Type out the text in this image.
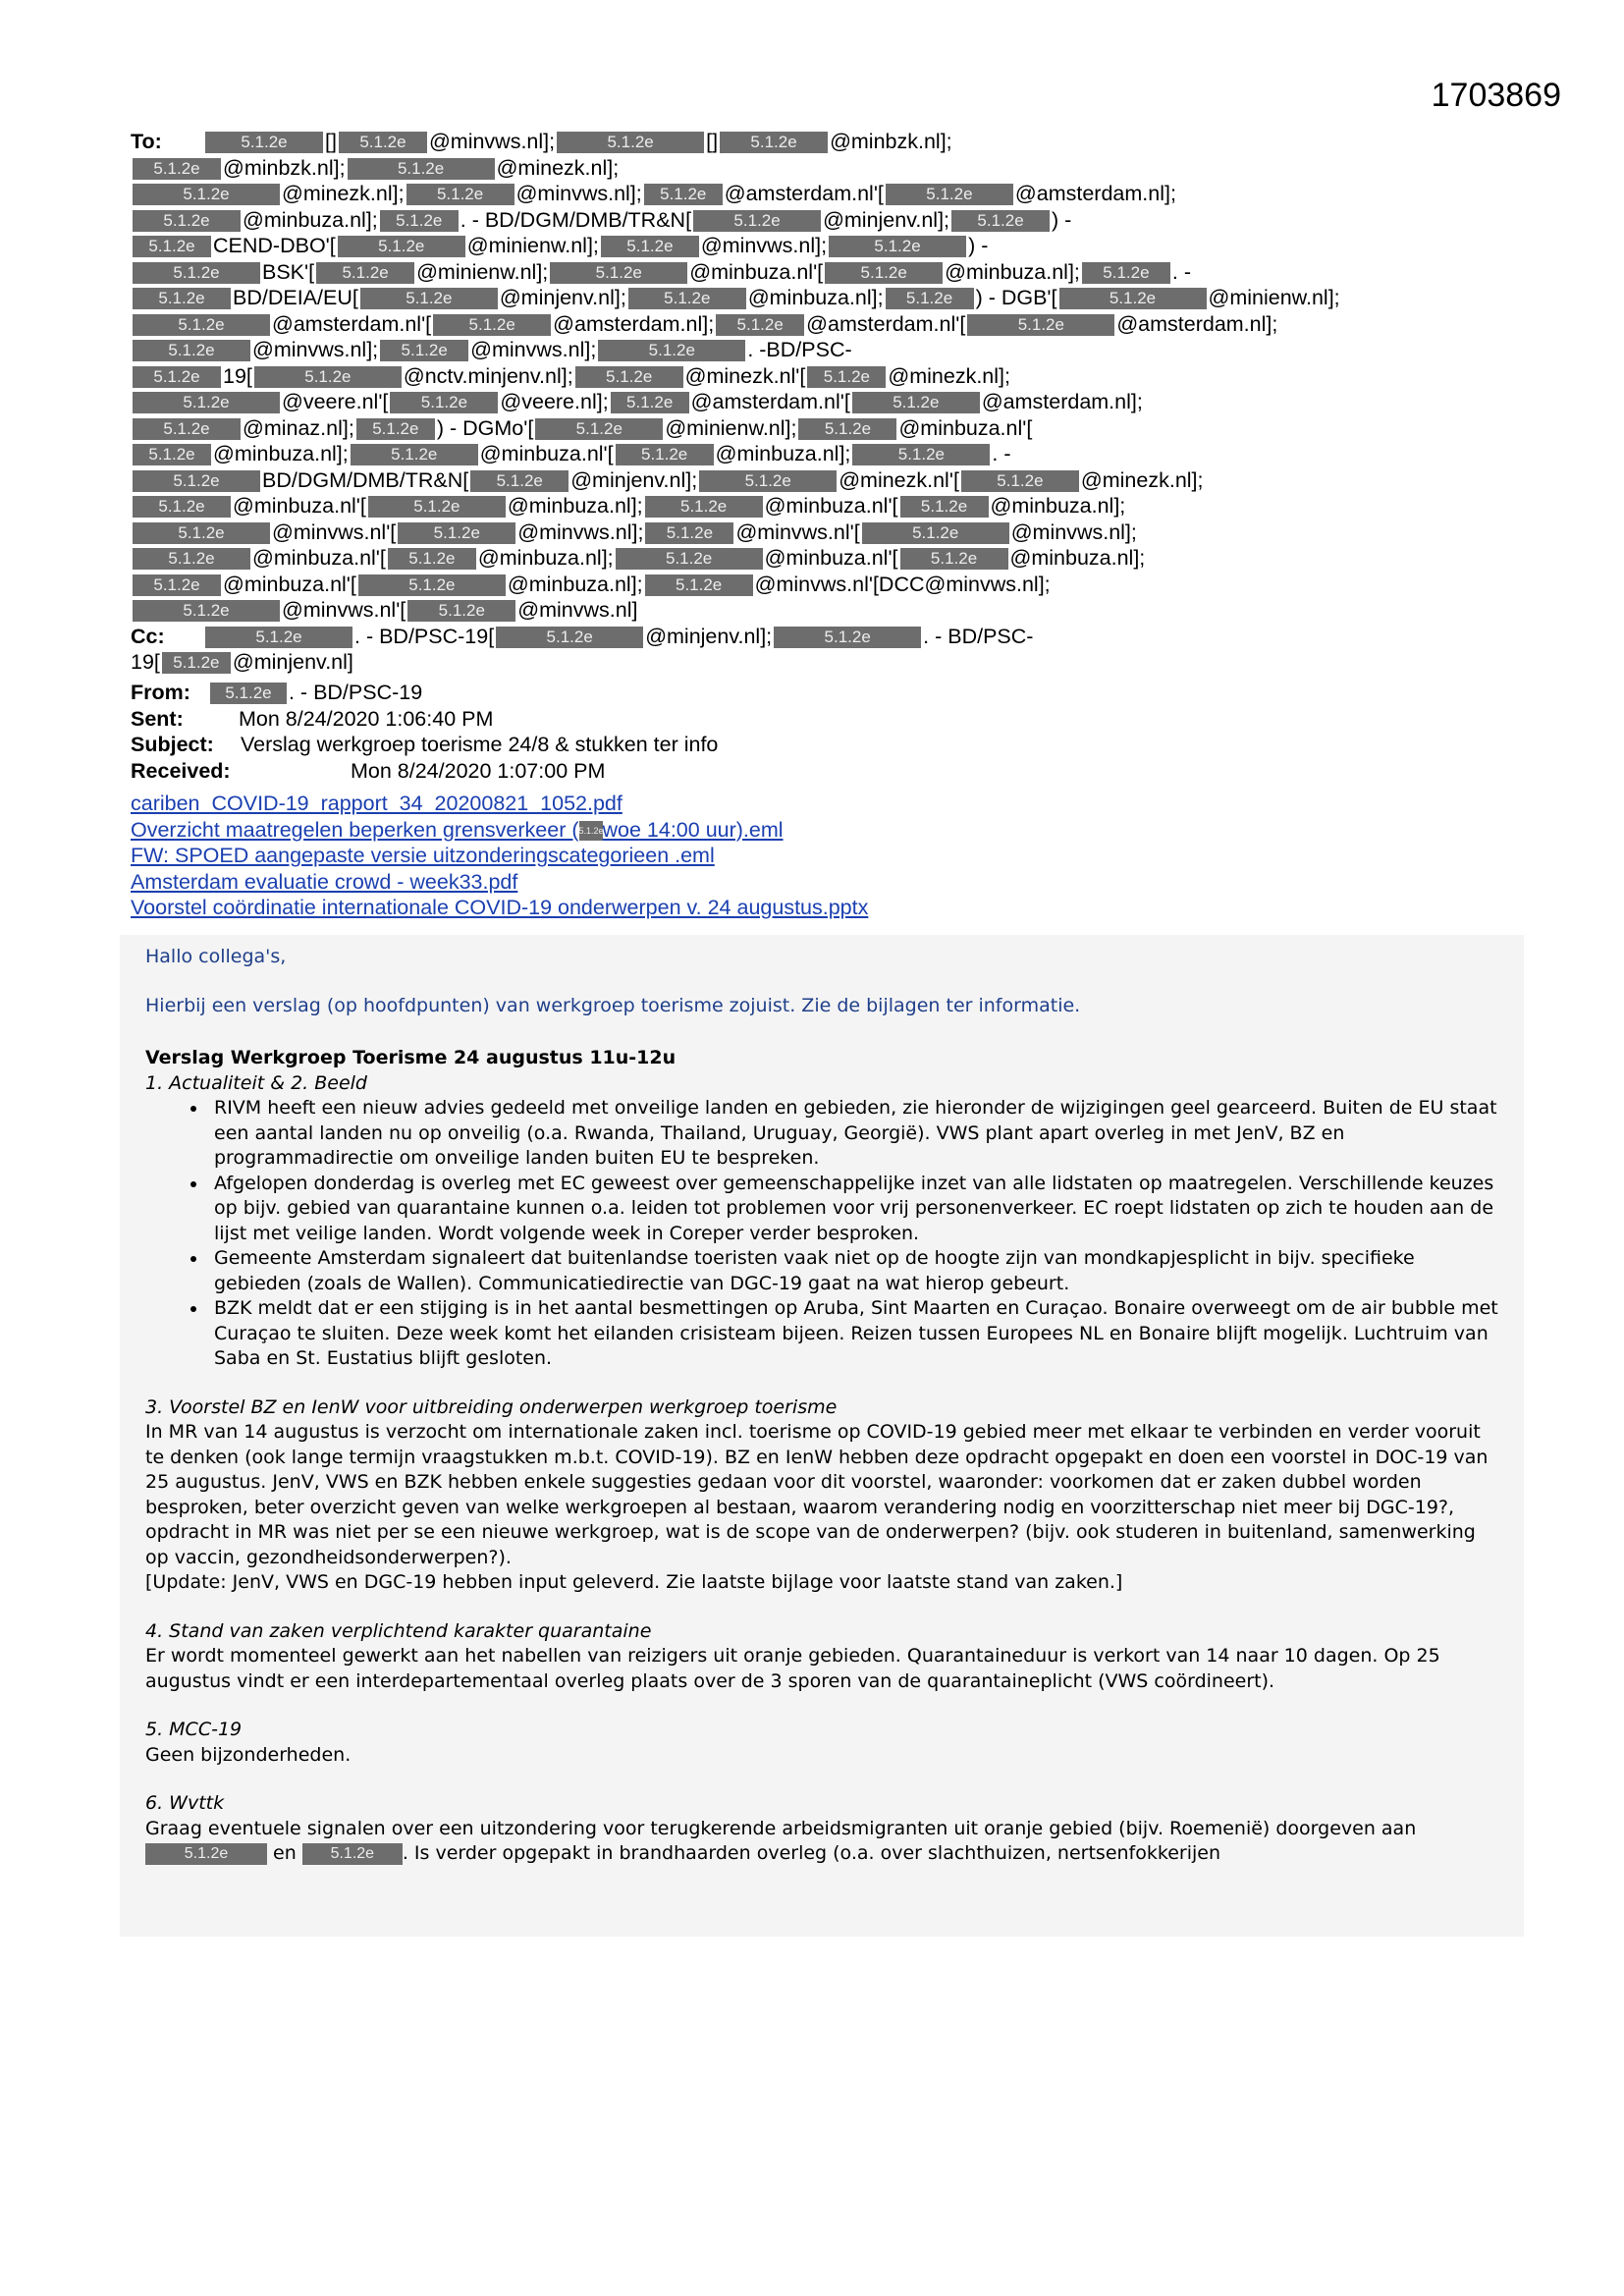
1703869
To:	5.1.2e [] 5.1.2e @minvws.nl];	5.1.2e [] 5.1.2e @minbzk.nl];
5.1.2e @minbzk.nl];	5.1.2e @minezk.nl];
5.1.2e @minezk.nl]; 5.1.2e @minvws.nl]; 5.1.2e @amsterdam.nl'[	5.1.2e @amsterdam.nl];
5.1.2e @minbuza.nl]; 5.1.2e . - BD/DGM/DMB/TR&N[	5.1.2e @minjenv.nl]; 5.1.2e ) -
5.1.2e CEND-DBO'[	5.1.2e @minienw.nl]; 5.1.2e @minvws.nl];	5.1.2e ) -
5.1.2e BSK'[ 5.1.2e @minienw.nl];	5.1.2e @minbuza.nl'[ 5.1.2e @minbuza.nl]; 5.1.2e . -
5.1.2e BD/DEIA/EU[	5.1.2e @minjenv.nl]; 5.1.2e @minbuza.nl]; 5.1.2e ) - DGB'[	5.1.2e @minienw.nl];
5.1.2e @amsterdam.nl'[ 5.1.2e @amsterdam.nl]; 5.1.2e @amsterdam.nl'[	5.1.2e @amsterdam.nl];
5.1.2e @minvws.nl]; 5.1.2e @minvws.nl];	5.1.2e . -BD/PSC-
5.1.2e 19[	5.1.2e @nctv.minjenv.nl]; 5.1.2e @minezk.nl'[ 5.1.2e @minezk.nl];
5.1.2e @veere.nl'[ 5.1.2e @veere.nl]; 5.1.2e @amsterdam.nl'[	5.1.2e @amsterdam.nl];
5.1.2e @minaz.nl]; 5.1.2e ) - DGMo'[	5.1.2e @minienw.nl]; 5.1.2e @minbuza.nl'[
5.1.2e @minbuza.nl];	5.1.2e @minbuza.nl'[ 5.1.2e @minbuza.nl];	5.1.2e . -
5.1.2e BD/DGM/DMB/TR&N[ 5.1.2e @minjenv.nl];	5.1.2e @minezk.nl'[ 5.1.2e @minezk.nl];
5.1.2e @minbuza.nl'[	5.1.2e @minbuza.nl]; 5.1.2e @minbuza.nl'[ 5.1.2e @minbuza.nl];
5.1.2e @minvws.nl'[ 5.1.2e @minvws.nl]; 5.1.2e @minvws.nl'[	5.1.2e @minvws.nl];
5.1.2e @minbuza.nl'[ 5.1.2e @minbuza.nl];	5.1.2e @minbuza.nl'[ 5.1.2e @minbuza.nl];
5.1.2e @minbuza.nl'[	5.1.2e @minbuza.nl]; 5.1.2e @minvws.nl'[DCC@minvws.nl];
5.1.2e @minvws.nl'[ 5.1.2e @minvws.nl]
Cc:	5.1.2e . - BD/PSC-19[	5.1.2e @minjenv.nl];	5.1.2e . - BD/PSC-
19[ 5.1.2e @minjenv.nl]
From: 5.1.2e . - BD/PSC-19
Sent:	Mon 8/24/2020 1:06:40 PM
Subject: Verslag werkgroep toerisme 24/8 & stukken ter info
Received:	Mon 8/24/2020 1:07:00 PM
cariben_COVID-19_rapport_34_20200821_1052.pdf
Overzicht maatregelen beperken grensverkeer (5.1.2ewoe 14:00 uur).eml
FW: SPOED aangepaste versie uitzonderingscategorieen .eml
Amsterdam evaluatie crowd - week33.pdf
Voorstel coördinatie internationale COVID-19 onderwerpen v. 24 augustus.pptx

Hallo collega's,

Hierbij een verslag (op hoofdpunten) van werkgroep toerisme zojuist. Zie de bijlagen ter informatie.

Verslag Werkgroep Toerisme 24 augustus 11u-12u

1. Actualiteit & 2. Beeld

• RIVM heeft een nieuw advies gedeeld met onveilige landen en gebieden, zie hieronder de wijzigingen geel gearceerd. Buiten de EU staat een aantal landen nu op onveilig (o.a. Rwanda, Thailand, Uruguay, Georgië). VWS plant apart overleg in met JenV, BZ en programmadirectie om onveilige landen buiten EU te bespreken.
• Afgelopen donderdag is overleg met EC geweest over gemeenschappelijke inzet van alle lidstaten op maatregelen. Verschillende keuzes op bijv. gebied van quarantaine kunnen o.a. leiden tot problemen voor vrij personenverkeer. EC roept lidstaten op zich te houden aan de lijst met veilige landen. Wordt volgende week in Coreper verder besproken.
• Gemeente Amsterdam signaleert dat buitenlandse toeristen vaak niet op de hoogte zijn van mondkapjesplicht in bijv. specifieke gebieden (zoals de Wallen). Communicatiedirectie van DGC-19 gaat na wat hierop gebeurt.
• BZK meldt dat er een stijging is in het aantal besmettingen op Aruba, Sint Maarten en Curaçao. Bonaire overweegt om de air bubble met Curaçao te sluiten. Deze week komt het eilanden crisisteam bijeen. Reizen tussen Europees NL en Bonaire blijft mogelijk. Luchtruim van Saba en St. Eustatius blijft gesloten.

3. Voorstel BZ en IenW voor uitbreiding onderwerpen werkgroep toerisme

In MR van 14 augustus is verzocht om internationale zaken incl. toerisme op COVID-19 gebied meer met elkaar te verbinden en verder vooruit te denken (ook lange termijn vraagstukken m.b.t. COVID-19). BZ en IenW hebben deze opdracht opgepakt en doen een voorstel in DOC-19 van 25 augustus. JenV, VWS en BZK hebben enkele suggesties gedaan voor dit voorstel, waaronder: voorkomen dat er zaken dubbel worden besproken, beter overzicht geven van welke werkgroepen al bestaan, waarom verandering nodig en voorzitterschap niet meer bij DGC-19?, opdracht in MR was niet per se een nieuwe werkgroep, wat is de scope van de onderwerpen? (bijv. ook studeren in buitenland, samenwerking op vaccin, gezondheidsonderwerpen?).

[Update: JenV, VWS en DGC-19 hebben input geleverd. Zie laatste bijlage voor laatste stand van zaken.]

4. Stand van zaken verplichtend karakter quarantaine

Er wordt momenteel gewerkt aan het nabellen van reizigers uit oranje gebieden. Quarantaineduur is verkort van 14 naar 10 dagen. Op 25 augustus vindt er een interdepartementaal overleg plaats over de 3 sporen van de quarantaineplicht (VWS coördineert).

5. MCC-19

Geen bijzonderheden.

6. Wvttk

Graag eventuele signalen over een uitzondering voor terugkerende arbeidsmigranten uit oranje gebied (bijv. Roemenië) doorgeven aan 5.1.2e en 5.1.2e . Is verder opgepakt in brandhaarden overleg (o.a. over slachthuizen, nertsenfokkerijen
